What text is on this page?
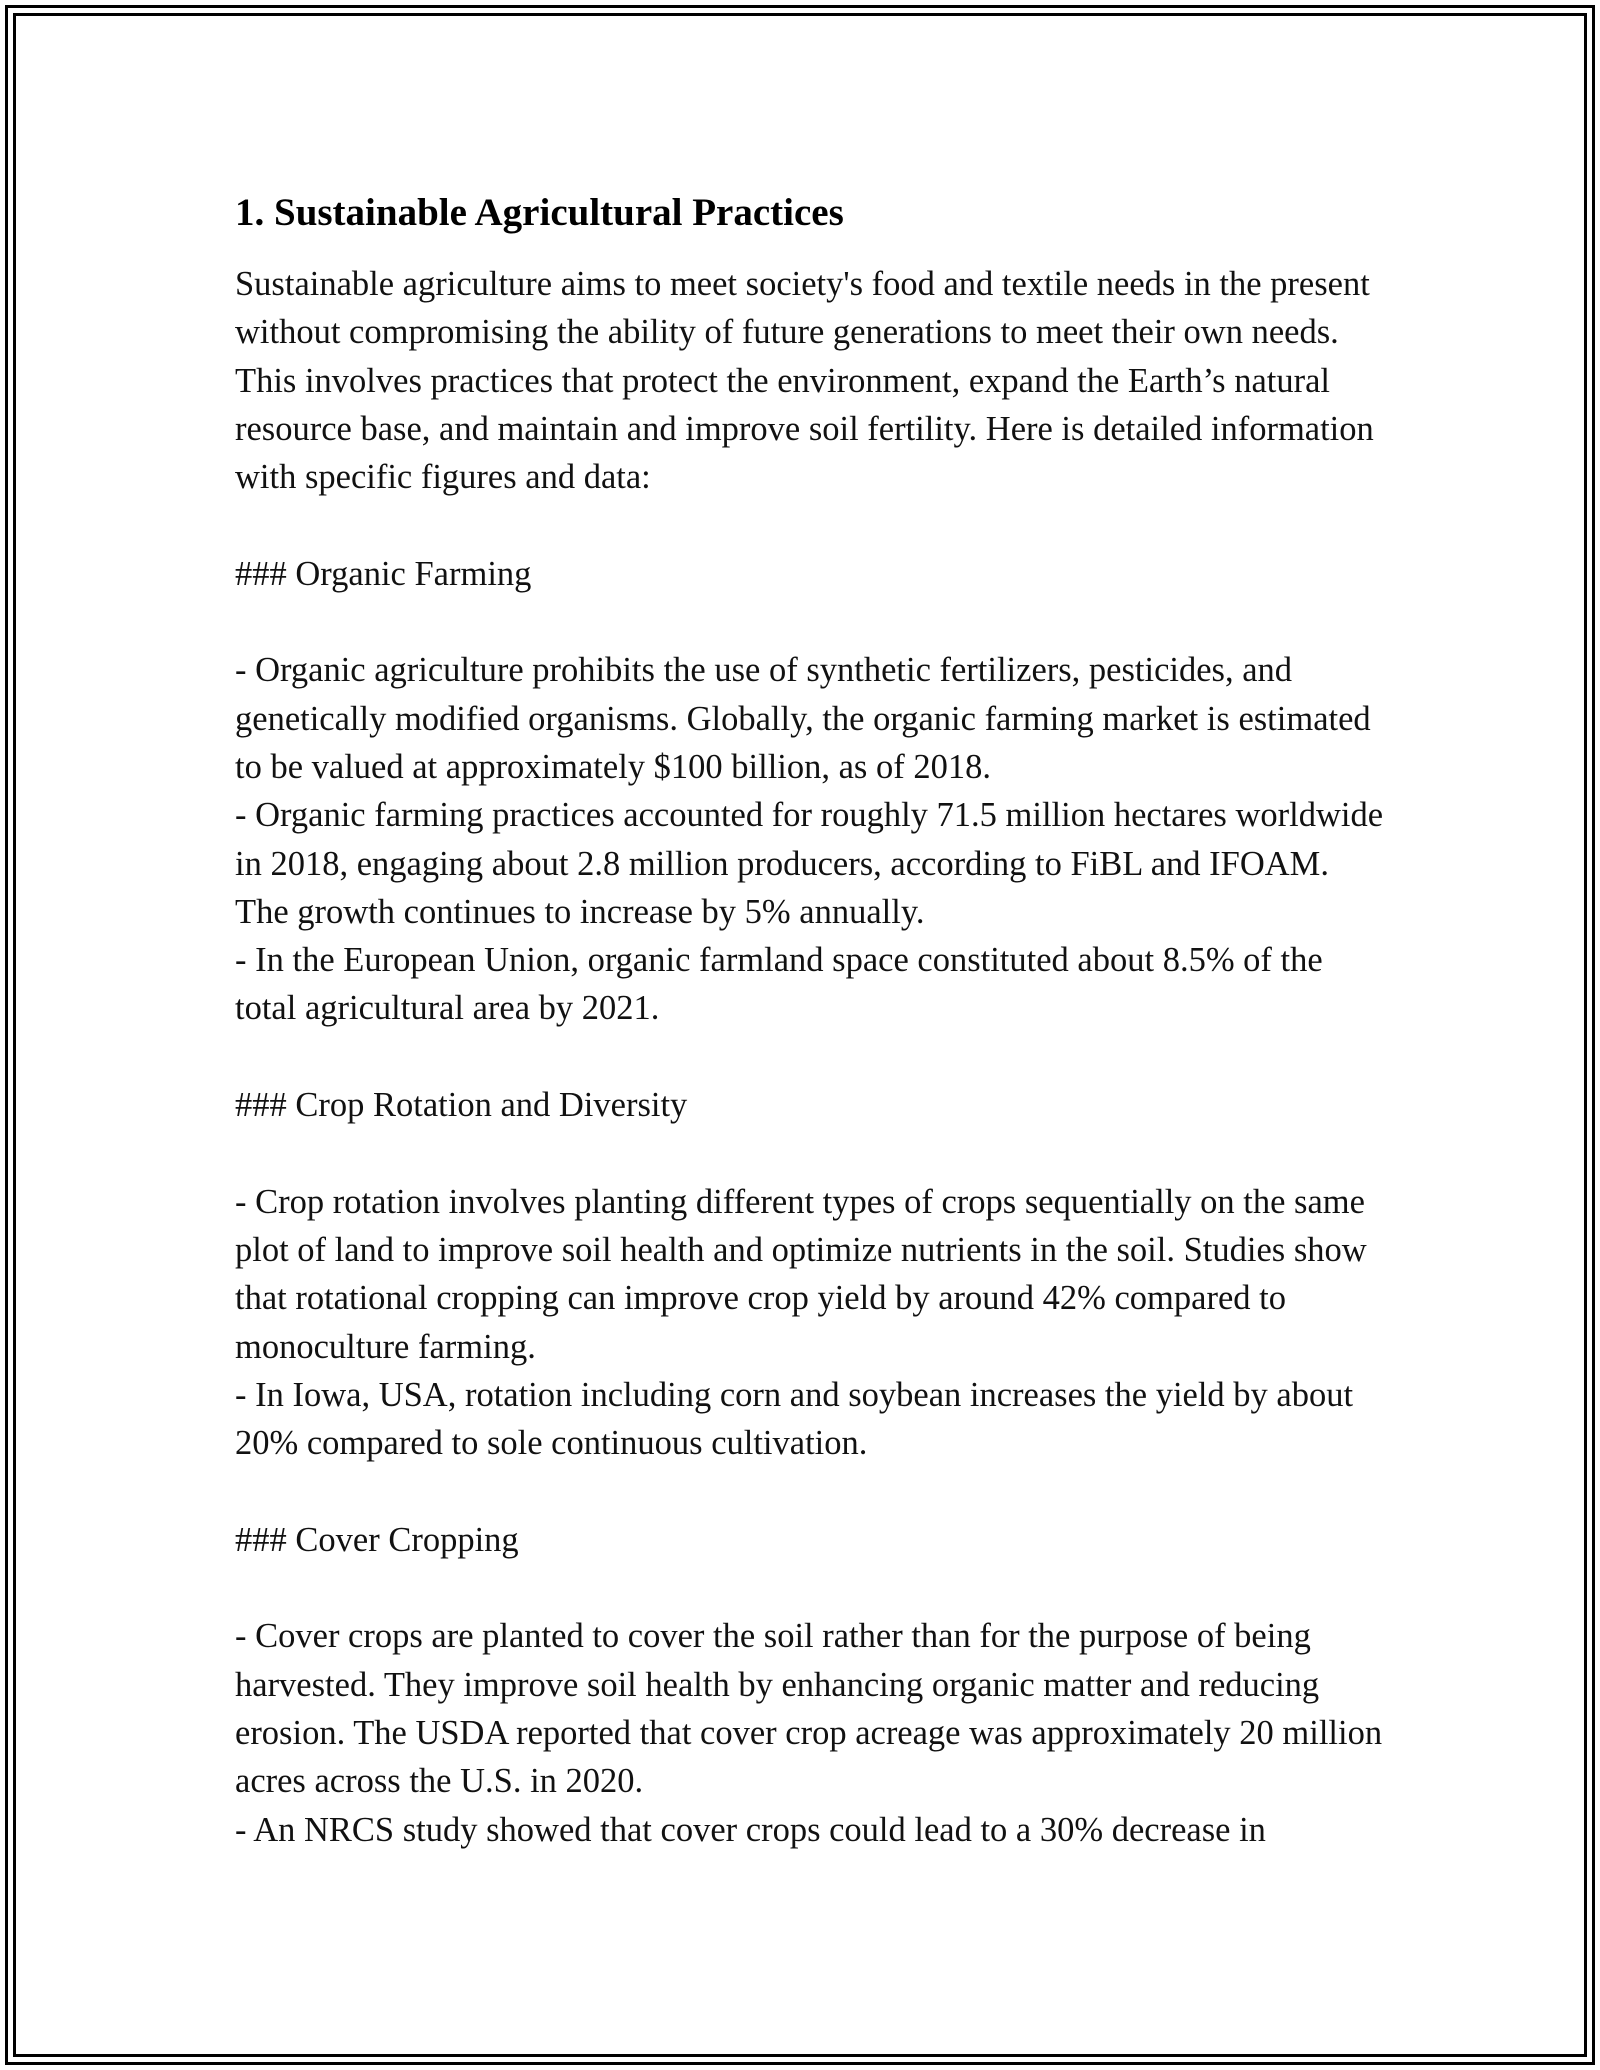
1. Sustainable Agricultural Practices

Sustainable agriculture aims to meet society's food and textile needs in the present without compromising the ability of future generations to meet their own needs. This involves practices that protect the environment, expand the Earth’s natural resource base, and maintain and improve soil fertility. Here is detailed information with specific figures and data:

### Organic Farming

- Organic agriculture prohibits the use of synthetic fertilizers, pesticides, and genetically modified organisms. Globally, the organic farming market is estimated to be valued at approximately $100 billion, as of 2018.

- Organic farming practices accounted for roughly 71.5 million hectares worldwide in 2018, engaging about 2.8 million producers, according to FiBL and IFOAM. The growth continues to increase by 5% annually.

- In the European Union, organic farmland space constituted about 8.5% of the total agricultural area by 2021.

### Crop Rotation and Diversity

- Crop rotation involves planting different types of crops sequentially on the same plot of land to improve soil health and optimize nutrients in the soil. Studies show that rotational cropping can improve crop yield by around 42% compared to monoculture farming.

- In Iowa, USA, rotation including corn and soybean increases the yield by about 20% compared to sole continuous cultivation.

### Cover Cropping

- Cover crops are planted to cover the soil rather than for the purpose of being harvested. They improve soil health by enhancing organic matter and reducing erosion. The USDA reported that cover crop acreage was approximately 20 million acres across the U.S. in 2020.

- An NRCS study showed that cover crops could lead to a 30% decrease in
